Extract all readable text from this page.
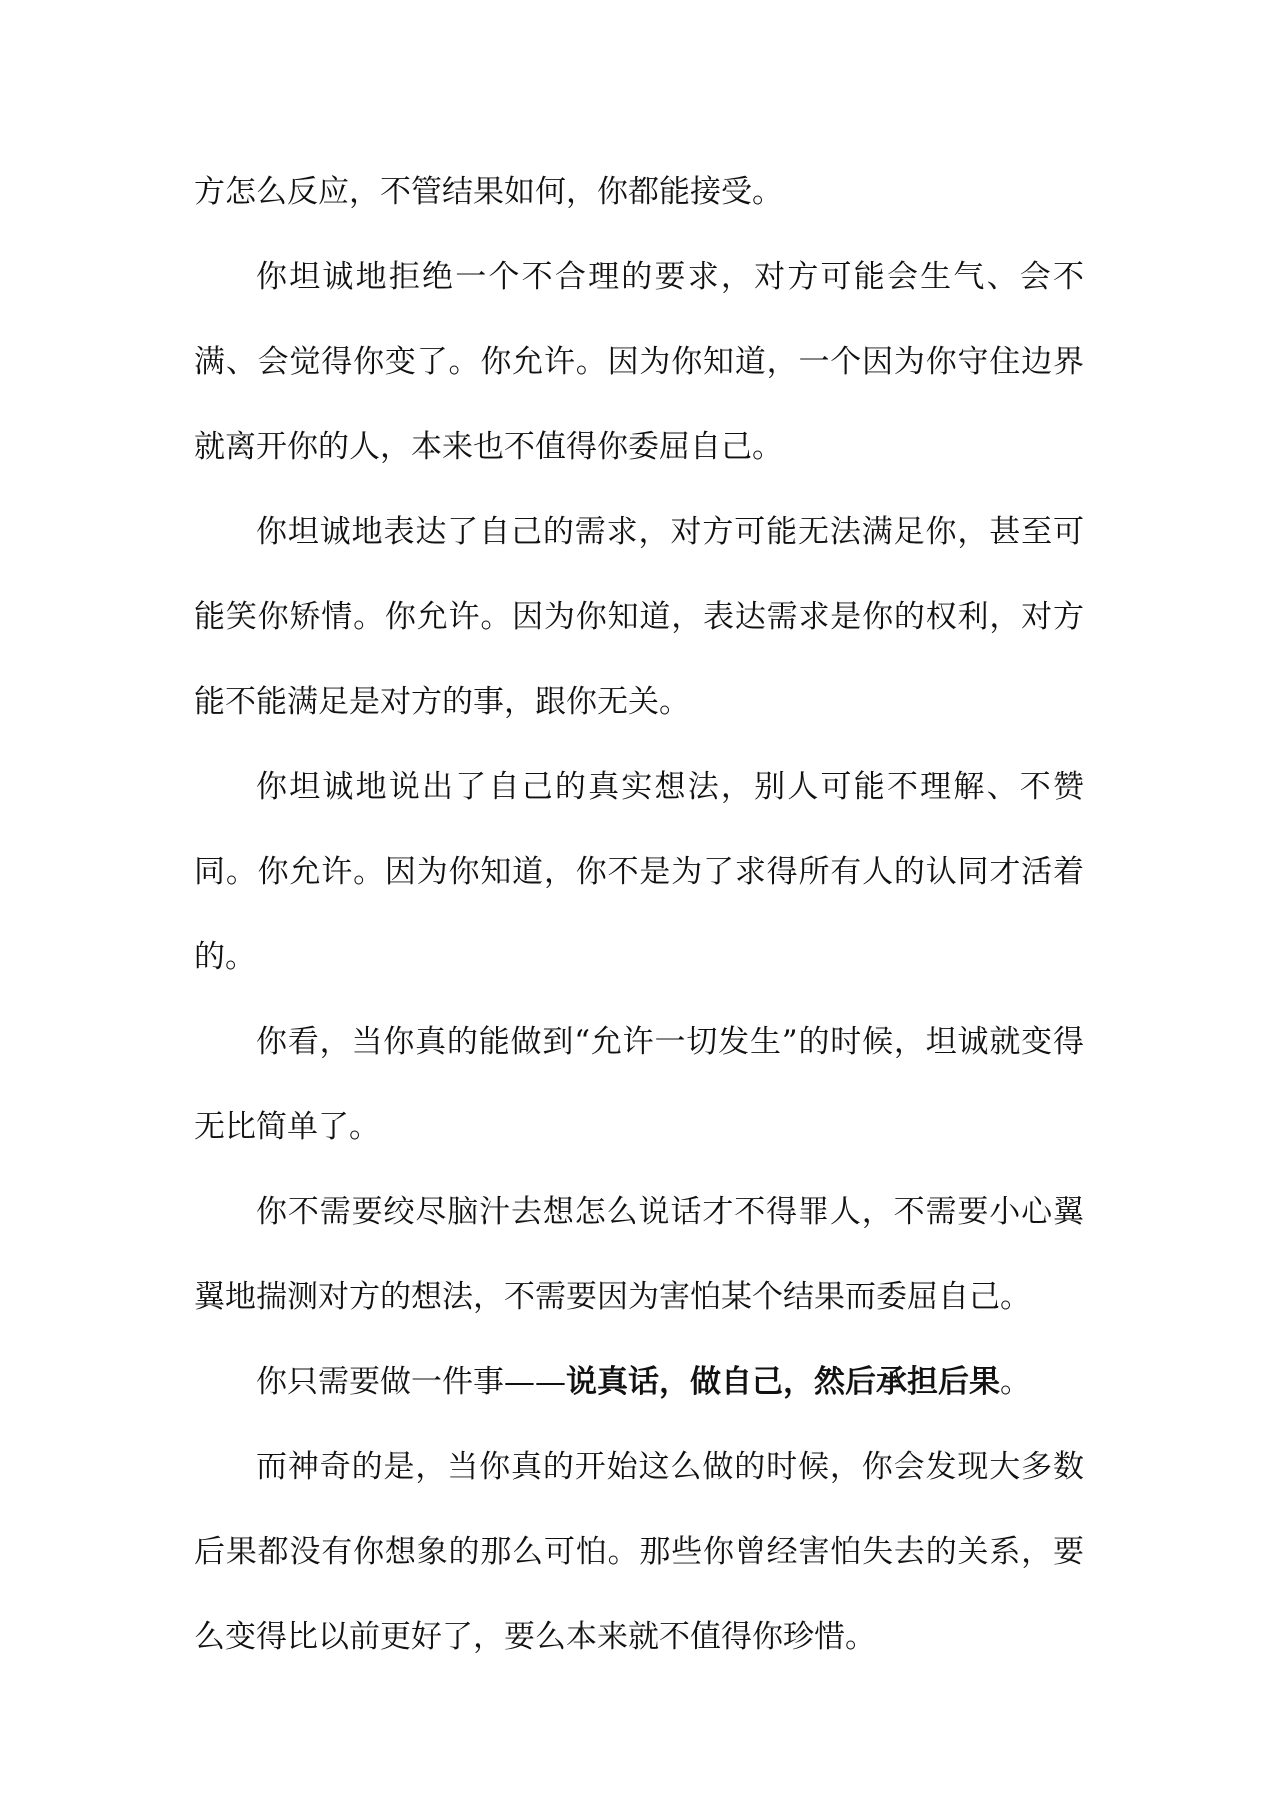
方怎么反应，不管结果如何，你都能接受。

你坦诚地拒绝一个不合理的要求，对方可能会生气、会不满、会觉得你变了。你允许。因为你知道，一个因为你守住边界就离开你的人，本来也不值得你委屈自己。

你坦诚地表达了自己的需求，对方可能无法满足你，甚至可能笑你矫情。你允许。因为你知道，表达需求是你的权利，对方能不能满足是对方的事，跟你无关。

你坦诚地说出了自己的真实想法，别人可能不理解、不赞同。你允许。因为你知道，你不是为了求得所有人的认同才活着的。

你看，当你真的能做到“允许一切发生”的时候，坦诚就变得无比简单了。

你不需要绞尽脑汁去想怎么说话才不得罪人，不需要小心翼翼地揣测对方的想法，不需要因为害怕某个结果而委屈自己。

你只需要做一件事——说真话，做自己，然后承担后果。

而神奇的是，当你真的开始这么做的时候，你会发现大多数后果都没有你想象的那么可怕。那些你曾经害怕失去的关系，要么变得比以前更好了，要么本来就不值得你珍惜。
